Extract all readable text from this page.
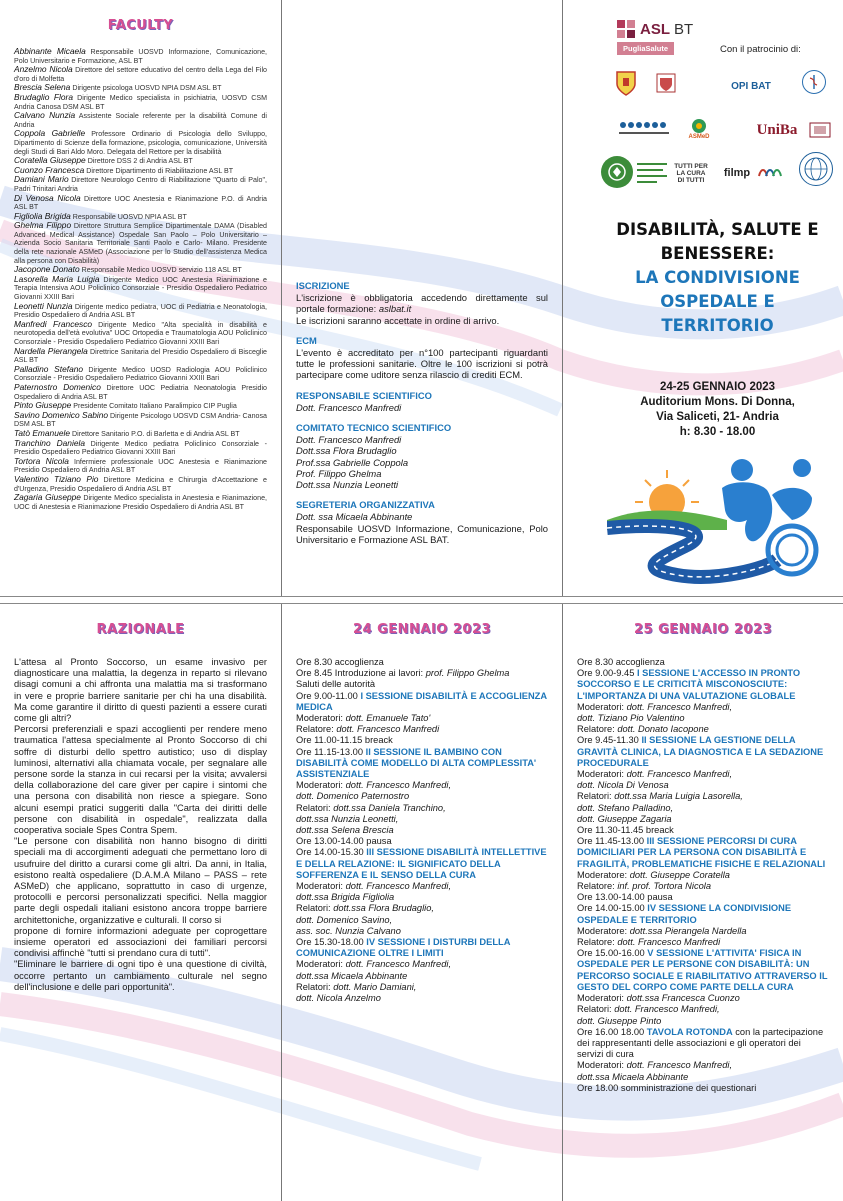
FACULTY
Abbinante Micaela Responsabile UOSVD Informazione, Comunicazione, Polo Universitario e Formazione, ASL BT
Anzelmo Nicola Direttore del settore educativo del centro della Lega del Filo d'oro di Molfetta
Brescia Selena Dirigente psicologa UOSVD NPIA DSM ASL BT
Brudaglio Flora Dirigente Medico specialista in psichiatria, UOSVD CSM Andria Canosa DSM ASL BT
Calvano Nunzia Assistente Sociale referente per la disabilità Comune di Andria
Coppola Gabrielle Professore Ordinario di Psicologia dello Sviluppo, Dipartimento di Scienze della formazione, psicologia, comunicazione, Università degli Studi di Bari Aldo Moro. Delegata del Rettore per la disabilità
Coratella Giuseppe Direttore DSS 2 di Andria ASL BT
Cuonzo Francesca Direttore Dipartimento di Riabilitazione ASL BT
Damiani Mario Direttore Neurologo Centro di Riabilitazione "Quarto di Palo", Padri Trinitari Andria
Di Venosa Nicola Direttore UOC Anestesia e Rianimazione P.O. di Andria ASL BT
Figliolia Brigida Responsabile UOSVD NPIA ASL BT
Ghelma Filippo Direttore Struttura Semplice Dipartimentale DAMA (Disabled Advanced Medical Assistance) Ospedale San Paolo – Polo Universitario – Azienda Socio Sanitaria Territoriale Santi Paolo e Carlo- Milano. Presidente della rete nazionale ASMeD (Associazione per lo Studio dell'assistenza Medica alla persona con Disabilità)
Jacopone Donato Responsabile Medico UOSVD servizio 118 ASL BT
Lasorella Maria Luigia Dirigente Medico UOC Anestesia Rianimazione e Terapia Intensiva AOU Policlinico Consorziale - Presidio Ospedaliero Pediatrico Giovanni XXIII Bari
Leonetti Nunzia Dirigente medico pediatra, UOC di Pediatria e Neonatologia, Presidio Ospedaliero di Andria ASL BT
Manfredi Francesco Dirigente Medico "Alta specialità in disabilità e neurotopedia dell'età evolutiva" UOC Ortopedia e Traumatologia AOU Policlinico Consorziale - Presidio Ospedaliero Pediatrico Giovanni XXIII Bari
Nardella Pierangela Direttrice Sanitaria del Presidio Ospedaliero di Bisceglie ASL BT
Palladino Stefano Dirigente Medico UOSD Radiologia AOU Policlinico Consorziale - Presidio Ospedaliero Pediatrico Giovanni XXIII Bari
Paternostro Domenico Direttore UOC Pediatria Neonatologia Presidio Ospedaliero di Andria ASL BT
Pinto Giuseppe Presidente Comitato Italiano Paralimpico CIP Puglia
Savino Domenico Sabino Dirigente Psicologo UOSVD CSM Andria- Canosa DSM ASL BT
Tatò Emanuele Direttore Sanitario P.O. di Barletta e di Andria ASL BT
Tranchino Daniela Dirigente Medico pediatra Policlinico Consorziale - Presidio Ospedaliero Pediatrico Giovanni XXIII Bari
Tortora Nicola Infermiere professionale UOC Anestesia e Rianimazione Presidio Ospedaliero di Andria ASL BT
Valentino Tiziano Pio Direttore Medicina e Chirurgia d'Accettazione e d'Urgenza, Presidio Ospedaliero di Andria ASL BT
Zagaria Giuseppe Dirigente Medico specialista in Anestesia e Rianimazione, UOC di Anestesia e Rianimazione Presidio Ospedaliero di Andria ASL BT
ISCRIZIONE
L'iscrizione è obbligatoria accedendo direttamente sul portale formazione: aslbat.it
Le iscrizioni saranno accettate in ordine di arrivo.
ECM
L'evento è accreditato per n°100 partecipanti riguardanti tutte le professioni sanitarie. Oltre le 100 iscrizioni si potrà partecipare come uditore senza rilascio di crediti ECM.
RESPONSABILE SCIENTIFICO
Dott. Francesco Manfredi
COMITATO TECNICO SCIENTIFICO
Dott. Francesco Manfredi
Dott.ssa Flora Brudaglio
Prof.ssa Gabrielle Coppola
Prof. Filippo Ghelma
Dott.ssa Nunzia Leonetti
SEGRETERIA ORGANIZZATIVA
Dott. ssa Micaela Abbinante
Responsabile UOSVD Informazione, Comunicazione, Polo Universitario e Formazione ASL BAT.
ASL BT
PugliaSalute	Con il patrocinio di:
OPI BAT
ASMeD	UniBa
TUTTI PER LA CURA DI TUTTI
filmp
DISABILITÀ, SALUTE E
BENESSERE:
LA CONDIVISIONE
OSPEDALE E
TERRITORIO
24-25 GENNAIO 2023
Auditorium Mons. Di Donna,
Via Saliceti, 21- Andria
h: 8.30 - 18.00
RAZIONALE

L'attesa al Pronto Soccorso, un esame invasivo per diagnosticare una malattia, la degenza in reparto si rilevano disagi comuni a chi affronta una malattia ma si trasformano in vere e proprie barriere sanitarie per chi ha una disabilità. Ma come garantire il diritto di questi pazienti a essere curati come gli altri?

Percorsi preferenziali e spazi accoglienti per rendere meno traumatica l'attesa specialmente al Pronto Soccorso di chi soffre di disturbi dello spettro autistico; uso di display luminosi, alternativi alla chiamata vocale, per segnalare alle persone sorde la stanza in cui recarsi per la visita; avvalersi della collaborazione del care giver per capire i sintomi che una persona con disabilità non riesce a spiegare. Sono alcuni esempi pratici suggeriti dalla "Carta dei diritti delle persone con disabilità in ospedale", realizzata dalla cooperativa sociale Spes Contra Spem.

"Le persone con disabilità non hanno bisogno di diritti speciali ma di accorgimenti adeguati che permettano loro di usufruire del diritto a curarsi come gli altri. Da anni, in Italia, esistono realtà ospedaliere (D.A.M.A Milano – PASS – rete ASMeD) che applicano, soprattutto in caso di urgenze, protocolli e percorsi personalizzati specifici. Nella maggior parte degli ospedali italiani esistono ancora troppe barriere architettoniche, organizzative e culturali. Il corso si

propone di fornire informazioni adeguate per coprogettare insieme operatori ed associazioni dei familiari percorsi condivisi affinchè "tutti si prendano cura di tutti".

"Eliminare le barriere di ogni tipo è una questione di civiltà, occorre pertanto un cambiamento culturale nel segno dell'inclusione e delle pari opportunità".

24 GENNAIO 2023
Ore 8.30 accoglienza
Ore 8.45 Introduzione ai lavori: prof. Filippo Ghelma
Saluti delle autorità
Ore 9.00-11.00 I SESSIONE DISABILITÀ E ACCOGLIENZA MEDICA
Moderatori: dott. Emanuele Tato'
Relatore: dott. Francesco Manfredi
Ore 11.00-11.15 breack
Ore 11.15-13.00 II SESSIONE IL BAMBINO CON DISABILITÀ COME MODELLO DI ALTA COMPLESSITA' ASSISTENZIALE
Moderatori: dott. Francesco Manfredi,
dott. Domenico Paternostro
Relatori: dott.ssa Daniela Tranchino,
dott.ssa Nunzia Leonetti,
dott.ssa Selena Brescia
Ore 13.00-14.00 pausa
Ore 14.00-15.30 III SESSIONE DISABILITÀ INTELLETTIVE E DELLA RELAZIONE: IL SIGNIFICATO DELLA SOFFERENZA E IL SENSO DELLA CURA
Moderatori: dott. Francesco Manfredi,
dott.ssa Brigida Figliolia
Relatori: dott.ssa Flora Brudaglio,
dott. Domenico Savino,
ass. soc. Nunzia Calvano
Ore 15.30-18.00 IV SESSIONE I DISTURBI DELLA COMUNICAZIONE OLTRE I LIMITI
Moderatori: dott. Francesco Manfredi,
dott.ssa Micaela Abbinante
Relatori: dott. Mario Damiani,
dott. Nicola Anzelmo
25 GENNAIO 2023
Ore 8.30 accoglienza
Ore 9.00-9.45 I SESSIONE L'ACCESSO IN PRONTO SOCCORSO E LE CRITICITÀ MISCONOSCIUTE: L'IMPORTANZA DI UNA VALUTAZIONE GLOBALE
Moderatori: dott. Francesco Manfredi,
dott. Tiziano Pio Valentino
Relatore: dott. Donato Iacopone
Ore 9.45-11.30 II SESSIONE LA GESTIONE DELLA GRAVITÀ CLINICA, LA DIAGNOSTICA E LA SEDAZIONE PROCEDURALE
Moderatori: dott. Francesco Manfredi,
dott. Nicola Di Venosa
Relatori: dott.ssa Maria Luigia Lasorella,
dott. Stefano Palladino,
dott. Giuseppe Zagaria
Ore 11.30-11.45 breack
Ore 11.45-13.00 III SESSIONE PERCORSI DI CURA DOMICILIARI PER LA PERSONA CON DISABILITÀ E FRAGILITÀ, PROBLEMATICHE FISICHE E RELAZIONALI
Moderatore: dott. Giuseppe Coratella
Relatore: inf. prof. Tortora Nicola
Ore 13.00-14.00 pausa
Ore 14.00-15.00 IV SESSIONE LA CONDIVISIONE OSPEDALE E TERRITORIO
Moderatore: dott.ssa Pierangela Nardella
Relatore: dott. Francesco Manfredi
Ore 15.00-16.00 V SESSIONE L'ATTIVITA' FISICA IN OSPEDALE PER LE PERSONE CON DISABILITÀ: UN PERCORSO SOCIALE E RIABILITATIVO ATTRAVERSO IL GESTO DEL CORPO COME PARTE DELLA CURA
Moderatori: dott.ssa Francesca Cuonzo
Relatori: dott. Francesco Manfredi,
dott. Giuseppe Pinto
Ore 16.00 18.00 TAVOLA ROTONDA con la partecipazione dei rappresentanti delle associazioni e gli operatori dei servizi di cura
Moderatori: dott. Francesco Manfredi,
dott.ssa Micaela Abbinante
Ore 18.00 somministrazione dei questionari
